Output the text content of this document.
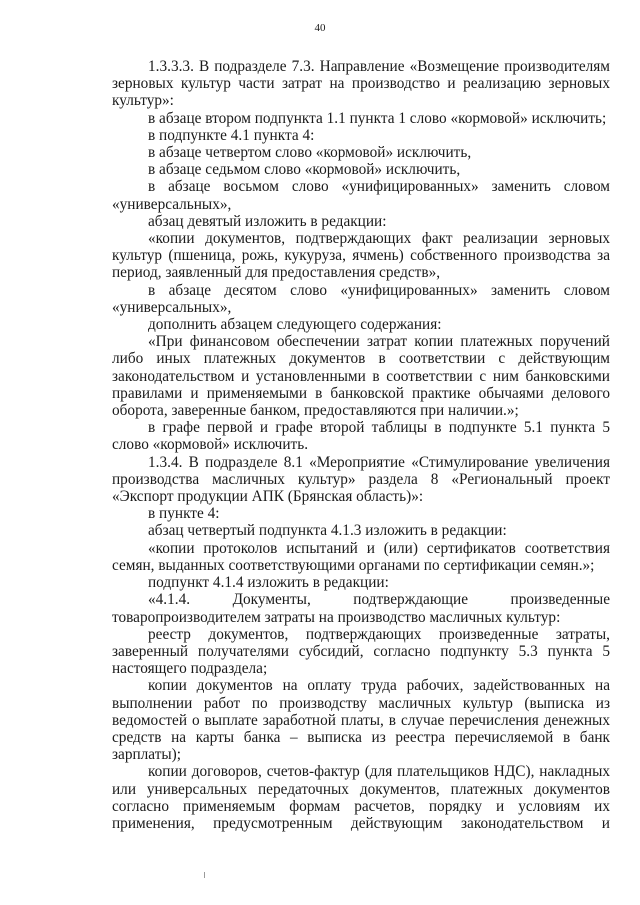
40

1.3.3.3. В подразделе 7.3. Направление «Возмещение производителям зерновых культур части затрат на производство и реализацию зерновых культур»:

в абзаце втором подпункта 1.1 пункта 1 слово «кормовой» исключить;

в подпункте 4.1 пункта 4:

в абзаце четвертом слово «кормовой» исключить,

в абзаце седьмом слово «кормовой» исключить,

в абзаце восьмом слово «унифицированных» заменить словом «универсальных»,

абзац девятый изложить в редакции:

«копии документов, подтверждающих факт реализации зерновых культур (пшеница, рожь, кукуруза, ячмень) собственного производства за период, заявленный для предоставления средств»,

в абзаце десятом слово «унифицированных» заменить словом «универсальных»,

дополнить абзацем следующего содержания:

«При финансовом обеспечении затрат копии платежных поручений либо иных платежных документов в соответствии с действующим законодательством и установленными в соответствии с ним банковскими правилами и применяемыми в банковской практике обычаями делового оборота, заверенные банком, предоставляются при наличии.»;

в графе первой и графе второй таблицы в подпункте 5.1 пункта 5 слово «кормовой» исключить.

1.3.4. В подразделе 8.1 «Мероприятие «Стимулирование увеличения производства масличных культур» раздела 8 «Региональный проект «Экспорт продукции АПК (Брянская область)»:

в пункте 4:

абзац четвертый подпункта 4.1.3 изложить в редакции:

«копии протоколов испытаний и (или) сертификатов соответствия семян, выданных соответствующими органами по сертификации семян.»;

подпункт 4.1.4 изложить в редакции:

«4.1.4. Документы, подтверждающие произведенные товаропроизводителем затраты на производство масличных культур:

реестр документов, подтверждающих произведенные затраты, заверенный получателями субсидий, согласно подпункту 5.3 пункта 5 настоящего подраздела;

копии документов на оплату труда рабочих, задействованных на выполнении работ по производству масличных культур (выписка из ведомостей о выплате заработной платы, в случае перечисления денежных средств на карты банка – выписка из реестра перечисляемой в банк зарплаты);

копии договоров, счетов-фактур (для плательщиков НДС), накладных или универсальных передаточных документов, платежных документов согласно применяемым формам расчетов, порядку и условиям их применения, предусмотренным действующим законодательством и
